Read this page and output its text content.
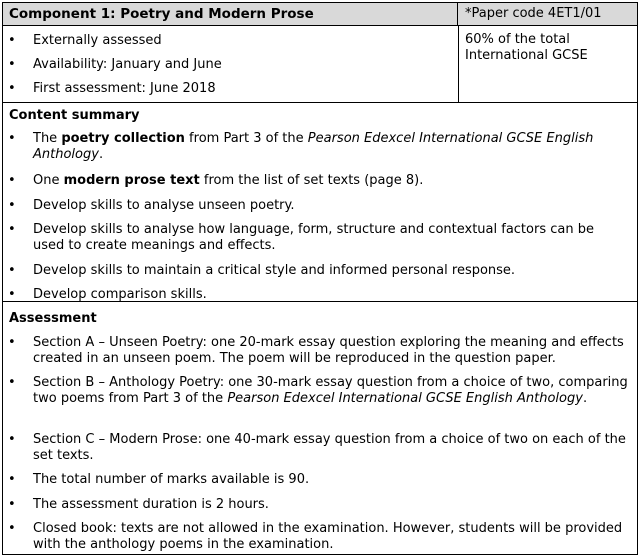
Component 1: Poetry and Modern Prose	*Paper code 4ET1/01
• Externally assessed
• Availability: January and June
• First assessment: June 2018
60% of the total International GCSE
Content summary
• The poetry collection from Part 3 of the Pearson Edexcel International GCSE English Anthology.
• One modern prose text from the list of set texts (page 8).
• Develop skills to analyse unseen poetry.
• Develop skills to analyse how language, form, structure and contextual factors can be used to create meanings and effects.
• Develop skills to maintain a critical style and informed personal response.
• Develop comparison skills.
Assessment
• Section A – Unseen Poetry: one 20-mark essay question exploring the meaning and effects created in an unseen poem. The poem will be reproduced in the question paper.
• Section B – Anthology Poetry: one 30-mark essay question from a choice of two, comparing two poems from Part 3 of the Pearson Edexcel International GCSE English Anthology.
• Section C – Modern Prose: one 40-mark essay question from a choice of two on each of the set texts.
• The total number of marks available is 90.
• The assessment duration is 2 hours.
• Closed book: texts are not allowed in the examination. However, students will be provided with the anthology poems in the examination.
